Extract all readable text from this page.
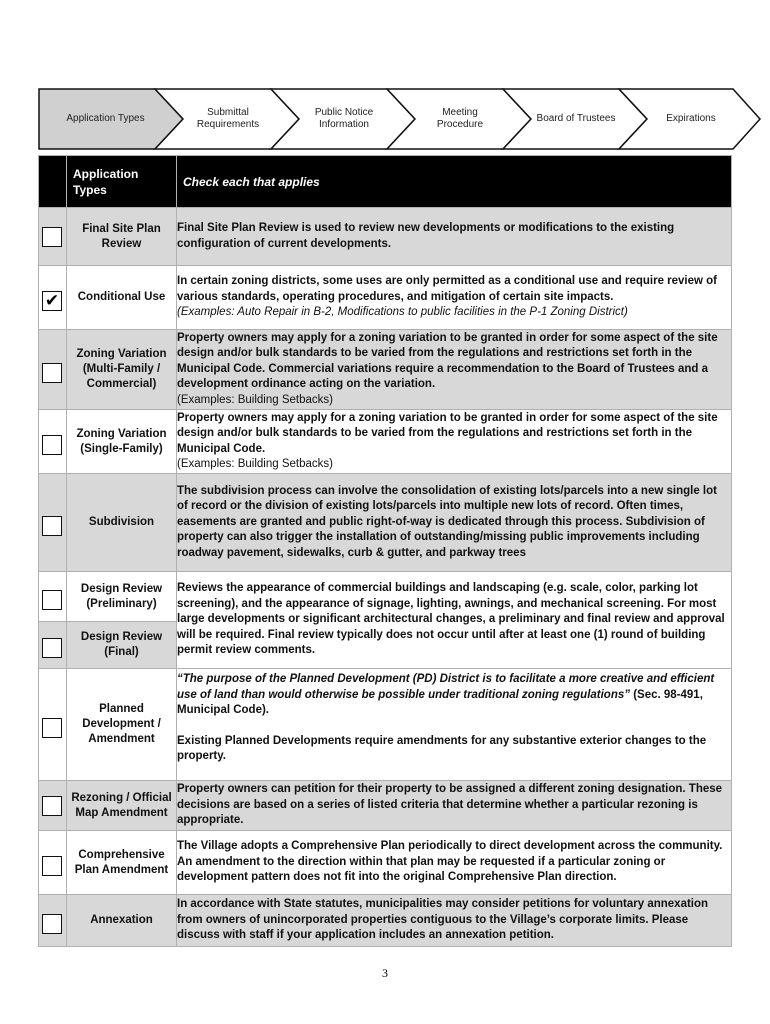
Application Types
Submittal
Requirements
Public Notice
Information
Meeting
Procedure
Board of Trustees	Expirations
	Application Types	Check each that applies

	Final Site Plan Review	Final Site Plan Review is used to review new developments or modifications to the existing configuration of current developments.

✔	Conditional Use	In certain zoning districts, some uses are only permitted as a conditional use and require review of various standards, operating procedures, and mitigation of certain site impacts.
(Examples: Auto Repair in B-2, Modifications to public facilities in the P-1 Zoning District)

	Zoning Variation (Multi-Family / Commercial)	Property owners may apply for a zoning variation to be granted in order for some aspect of the site design and/or bulk standards to be varied from the regulations and restrictions set forth in the Municipal Code. Commercial variations require a recommendation to the Board of Trustees and a development ordinance acting on the variation.
(Examples: Building Setbacks)

	Zoning Variation (Single-Family)	Property owners may apply for a zoning variation to be granted in order for some aspect of the site design and/or bulk standards to be varied from the regulations and restrictions set forth in the Municipal Code.
(Examples: Building Setbacks)

	Subdivision	The subdivision process can involve the consolidation of existing lots/parcels into a new single lot of record or the division of existing lots/parcels into multiple new lots of record. Often times, easements are granted and public right-of-way is dedicated through this process. Subdivision of property can also trigger the installation of outstanding/missing public improvements including roadway pavement, sidewalks, curb & gutter, and parkway trees

	Design Review (Preliminary)	Reviews the appearance of commercial buildings and landscaping (e.g. scale, color, parking lot screening), and the appearance of signage, lighting, awnings, and mechanical screening. For most large developments or significant architectural changes, a preliminary and final review and approval will be required. Final review typically does not occur until after at least one (1) round of building permit review comments.

	Design Review (Final)	

	Planned Development / Amendment	“The purpose of the Planned Development (PD) District is to facilitate a more creative and efficient use of land than would otherwise be possible under traditional zoning regulations” (Sec. 98-491, Municipal Code).
Existing Planned Developments require amendments for any substantive exterior changes to the property.

	Rezoning / Official Map Amendment	Property owners can petition for their property to be assigned a different zoning designation. These decisions are based on a series of listed criteria that determine whether a particular rezoning is appropriate.

	Comprehensive Plan Amendment	The Village adopts a Comprehensive Plan periodically to direct development across the community. An amendment to the direction within that plan may be requested if a particular zoning or development pattern does not fit into the original Comprehensive Plan direction.

	Annexation	In accordance with State statutes, municipalities may consider petitions for voluntary annexation from owners of unincorporated properties contiguous to the Village’s corporate limits. Please discuss with staff if your application includes an annexation petition.
3
